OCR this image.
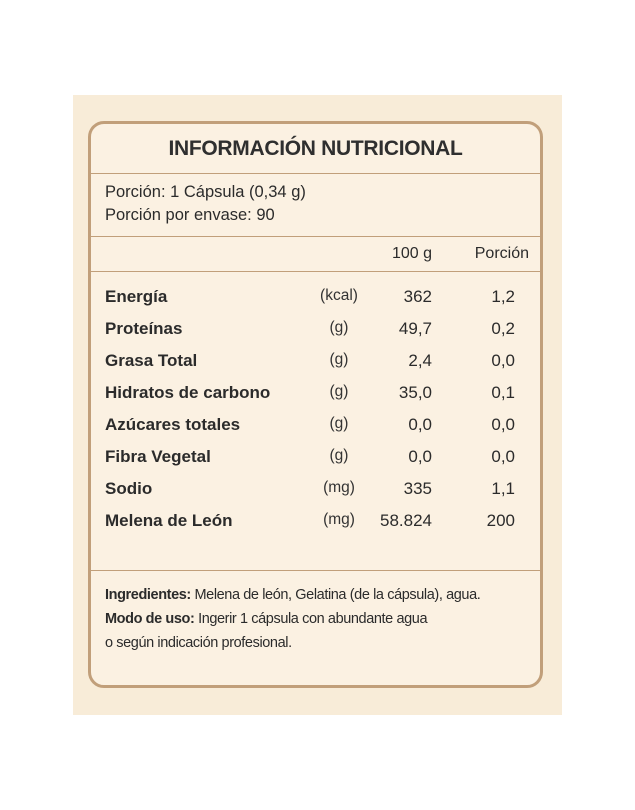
INFORMACIÓN NUTRICIONAL
Porción: 1 Cápsula (0,34 g)
Porción por envase: 90
100 g	Porción
Energía	(kcal)	362	1,2
Proteínas	(g)	49,7	0,2
Grasa Total	(g)	2,4	0,0
Hidratos de carbono	(g)	35,0	0,1
Azúcares totales	(g)	0,0	0,0
Fibra Vegetal	(g)	0,0	0,0
Sodio	(mg)	335	1,1
Melena de León	(mg)	58.824	200
Ingredientes: Melena de león, Gelatina (de la cápsula), agua.
Modo de uso: Ingerir 1 cápsula con abundante agua
o según indicación profesional.
